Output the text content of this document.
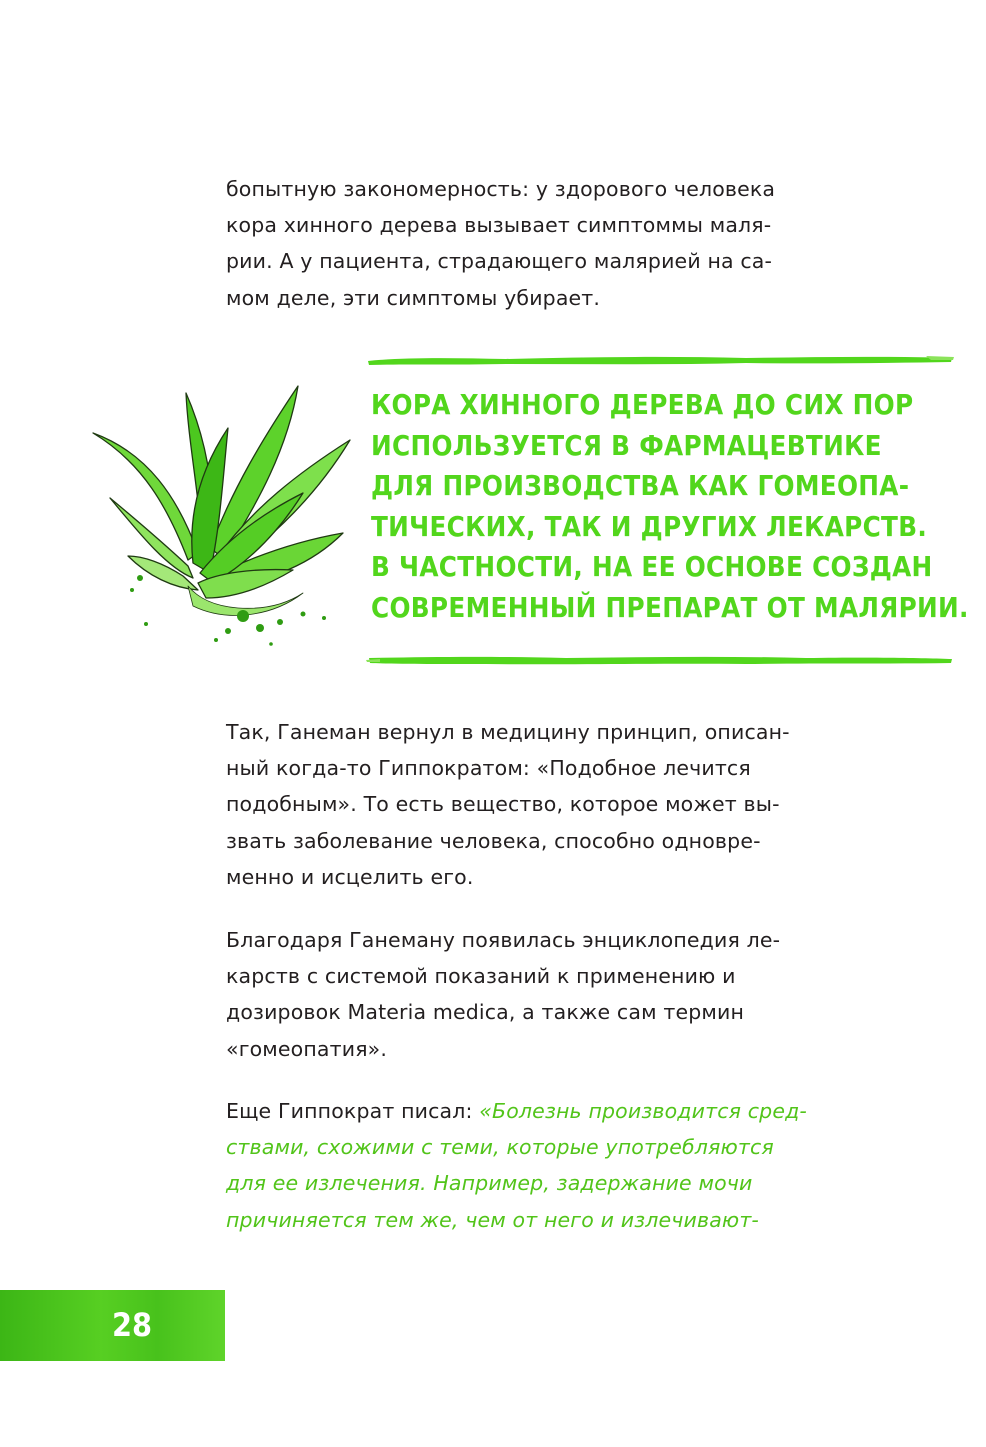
бопытную закономерность: у здорового человека
кора хинного дерева вызывает симптоммы маля-
рии. А у пациента, страдающего малярией на са-
мом деле, эти симптомы убирает.

КОРА ХИННОГО ДЕРЕВА ДО СИХ ПОР
ИСПОЛЬЗУЕТСЯ В ФАРМАЦЕВТИКЕ
ДЛЯ ПРОИЗВОДСТВА КАК ГОМЕОПА-
ТИЧЕСКИХ, ТАК И ДРУГИХ ЛЕКАРСТВ.
В ЧАСТНОСТИ, НА ЕЕ ОСНОВЕ СОЗДАН
СОВРЕМЕННЫЙ ПРЕПАРАТ ОТ МАЛЯРИИ.

Так, Ганеман вернул в медицину принцип, описан-
ный когда-то Гиппократом: «Подобное лечится
подобным». То есть вещество, которое может вы-
звать заболевание человека, способно одновре-
менно и исцелить его.

Благодаря Ганеману появилась энциклопедия ле-
карств с системой показаний к применению и
дозировок Materia medica, а также сам термин
«гомеопатия».

Еще Гиппократ писал: «Болезнь производится сред-
ствами, схожими с теми, которые употребляются
для ее излечения. Например, задержание мочи
причиняется тем же, чем от него и излечивают-

28
